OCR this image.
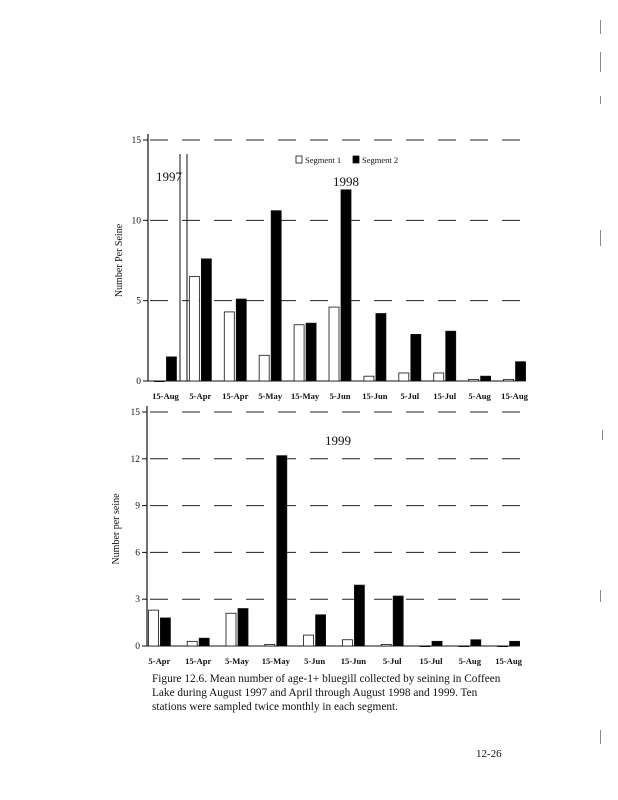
0
5
10
15
Number Per Seine
15-Aug 5-Apr 15-Apr 5-May 15-May 5-Jun 15-Jun 5-Jul 15-Jul 5-Aug 15-Aug
1997	1998
Segment 1 Segment 2
0
3
6
9
12
15
Number per seine
5-Apr 15-Apr 5-May 15-May 5-Jun 15-Jun 5-Jul 15-Jul 5-Aug 15-Aug
1999

Figure 12.6. Mean number of age-1+ bluegill collected by seining in Coffeen Lake during August 1997 and April through August 1998 and 1999. Ten stations were sampled twice monthly in each segment.

12-26
